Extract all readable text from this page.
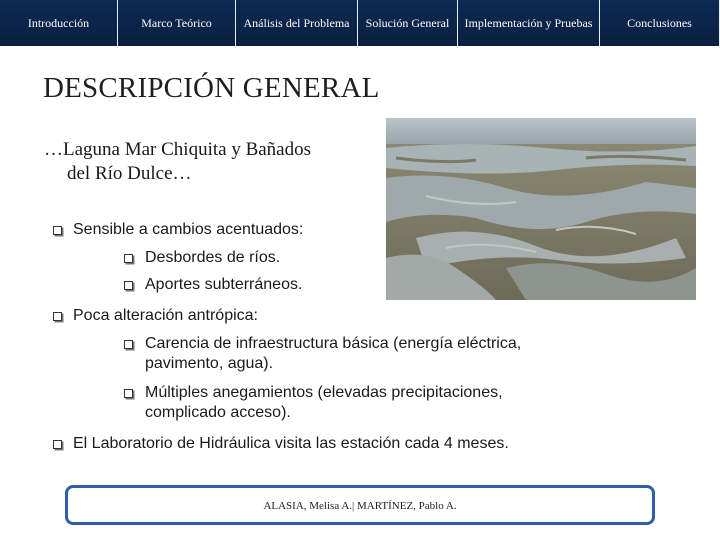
Introducción	Marco Teórico	Análisis del Problema	Solución General	Implementación y Pruebas	Conclusiones
DESCRIPCIÓN GENERAL
…Laguna Mar Chiquita y Bañados
del Río Dulce…
Sensible a cambios acentuados:
Desbordes de ríos.
Aportes subterráneos.
Poca alteración antrópica:
Carencia de infraestructura básica (energía eléctrica, pavimento, agua).
Múltiples anegamientos (elevadas precipitaciones, complicado acceso).
El Laboratorio de Hidráulica visita las estación cada 4 meses.
ALASIA, Melisa A.| MARTÍNEZ, Pablo A.
